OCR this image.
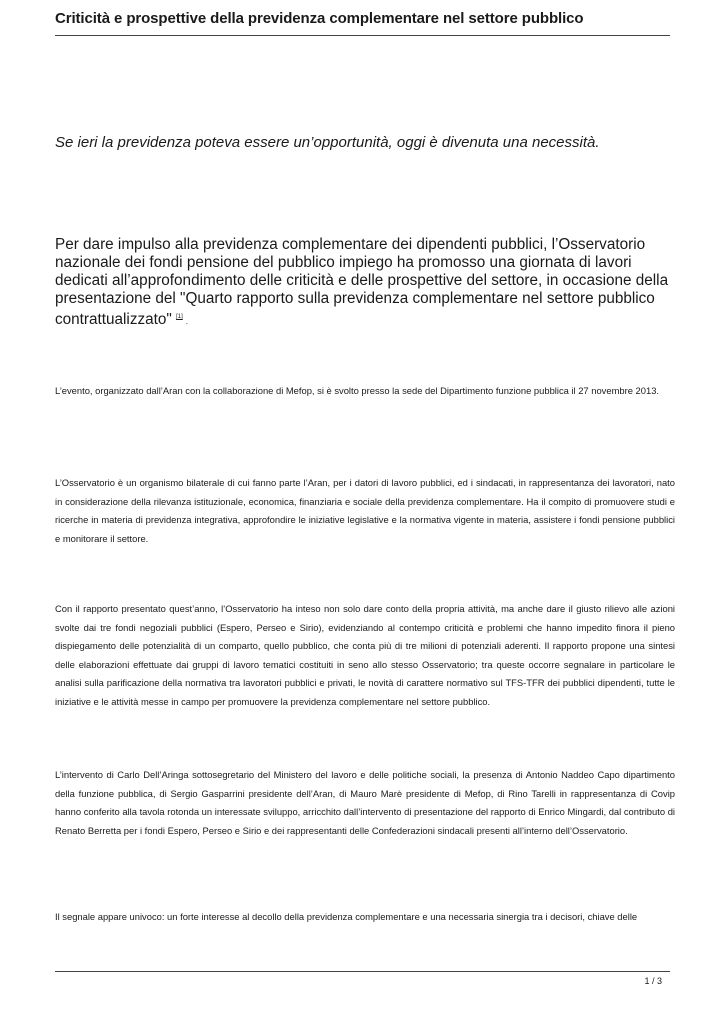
Criticità e prospettive della previdenza complementare nel settore pubblico
Se ieri la previdenza poteva essere un’opportunità, oggi è divenuta una necessità.
Per dare impulso alla previdenza complementare dei dipendenti pubblici, l’Osservatorio nazionale dei fondi pensione del pubblico impiego ha promosso una giornata di lavori dedicati all’approfondimento delle criticità e delle prospettive del settore, in occasione della presentazione del "Quarto rapporto sulla previdenza complementare nel settore pubblico contrattualizzato" [1].
L’evento, organizzato dall’Aran con la collaborazione di Mefop, si è svolto presso la sede del Dipartimento funzione pubblica il 27 novembre 2013.
L’Osservatorio è un organismo bilaterale di cui fanno parte l’Aran, per i datori di lavoro pubblici, ed i sindacati, in rappresentanza dei lavoratori, nato in considerazione della rilevanza istituzionale, economica, finanziaria e sociale della previdenza complementare. Ha il compito di promuovere studi e ricerche in materia di previdenza integrativa, approfondire le iniziative legislative e la normativa vigente in materia, assistere i fondi pensione pubblici e monitorare il settore.
Con il rapporto presentato quest’anno, l’Osservatorio ha inteso non solo dare conto della propria attività, ma anche dare il giusto rilievo alle azioni svolte dai tre fondi negoziali pubblici (Espero, Perseo e Sirio), evidenziando al contempo criticità e problemi che hanno impedito finora il pieno dispiegamento delle potenzialità di un comparto, quello pubblico, che conta più di tre milioni di potenziali aderenti. Il rapporto propone una sintesi delle elaborazioni effettuate dai gruppi di lavoro tematici costituiti in seno allo stesso Osservatorio; tra queste occorre segnalare in particolare le analisi sulla parificazione della normativa tra lavoratori pubblici e privati, le novità di carattere normativo sul TFS-TFR dei pubblici dipendenti, tutte le iniziative e le attività messe in campo per promuovere la previdenza complementare nel settore pubblico.
L’intervento di Carlo Dell’Aringa sottosegretario del Ministero del lavoro e delle politiche sociali, la presenza di Antonio Naddeo Capo dipartimento della funzione pubblica, di Sergio Gasparrini presidente dell’Aran, di Mauro Marè presidente di Mefop, di Rino Tarelli in rappresentanza di Covip hanno conferito alla tavola rotonda un interessate sviluppo, arricchito dall’intervento di presentazione del rapporto di Enrico Mingardi, dal contributo di Renato Berretta per i fondi Espero, Perseo e Sirio e dei rappresentanti delle Confederazioni sindacali presenti all’interno dell’Osservatorio.
Il segnale appare univoco: un forte interesse al decollo della previdenza complementare e una necessaria sinergia tra i decisori, chiave delle
1 / 3
